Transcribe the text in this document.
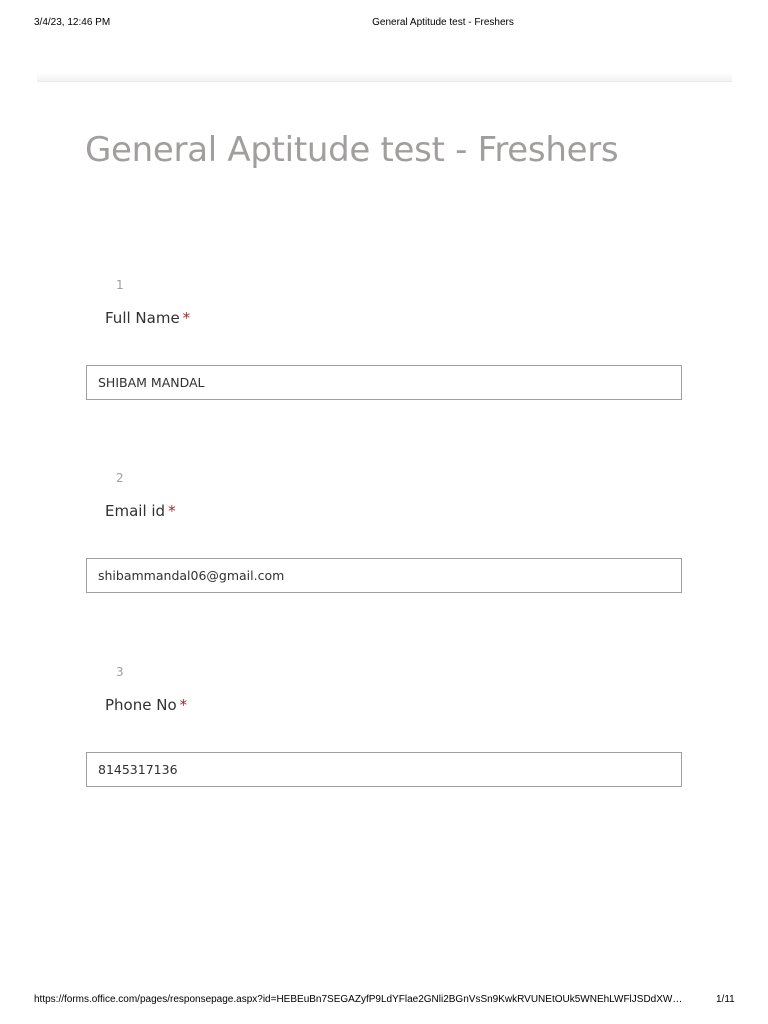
3/4/23, 12:46 PM	General Aptitude test - Freshers
General Aptitude test - Freshers
1
Full Name *
SHIBAM MANDAL
2
Email id *
shibammandal06@gmail.com
3
Phone No *
8145317136
https://forms.office.com/pages/responsepage.aspx?id=HEBEuBn7SEGAZyfP9LdYFlae2GNli2BGnVsSn9KwkRVUNEtOUk5WNEhLWFlJSDdXW…	1/11
